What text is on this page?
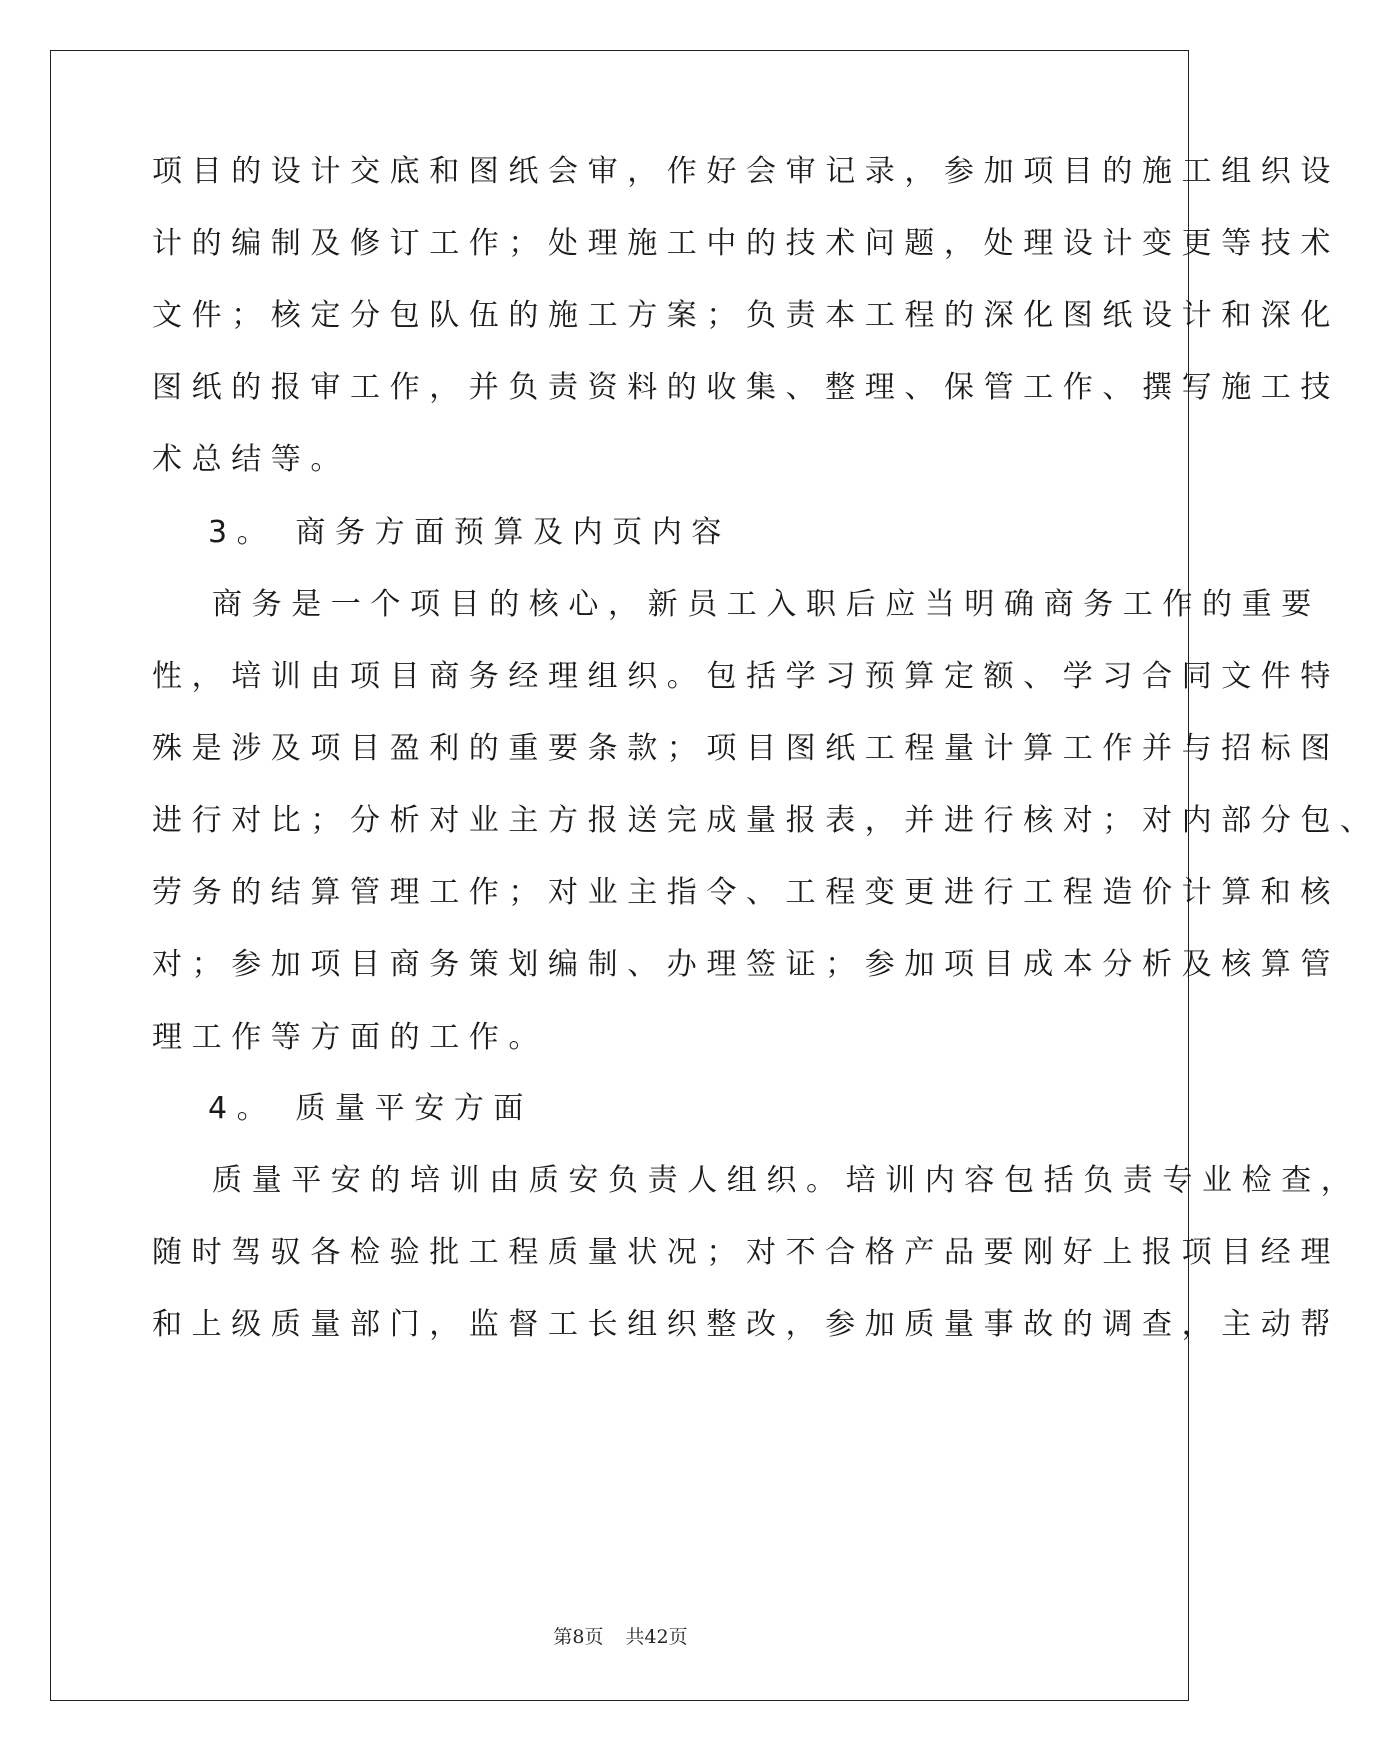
项目的设计交底和图纸会审，作好会审记录，参加项目的施工组织设

计的编制及修订工作；处理施工中的技术问题，处理设计变更等技术

文件；核定分包队伍的施工方案；负责本工程的深化图纸设计和深化

图纸的报审工作，并负责资料的收集、整理、保管工作、撰写施工技

术总结等。

3。 商务方面预算及内页内容

商务是一个项目的核心，新员工入职后应当明确商务工作的重要

性，培训由项目商务经理组织。包括学习预算定额、学习合同文件特

殊是涉及项目盈利的重要条款；项目图纸工程量计算工作并与招标图

进行对比；分析对业主方报送完成量报表，并进行核对；对内部分包、

劳务的结算管理工作；对业主指令、工程变更进行工程造价计算和核

对；参加项目商务策划编制、办理签证；参加项目成本分析及核算管

理工作等方面的工作。

4。 质量平安方面

质量平安的培训由质安负责人组织。培训内容包括负责专业检查，

随时驾驭各检验批工程质量状况；对不合格产品要刚好上报项目经理

和上级质量部门，监督工长组织整改，参加质量事故的调查，主动帮

第8页 共42页
